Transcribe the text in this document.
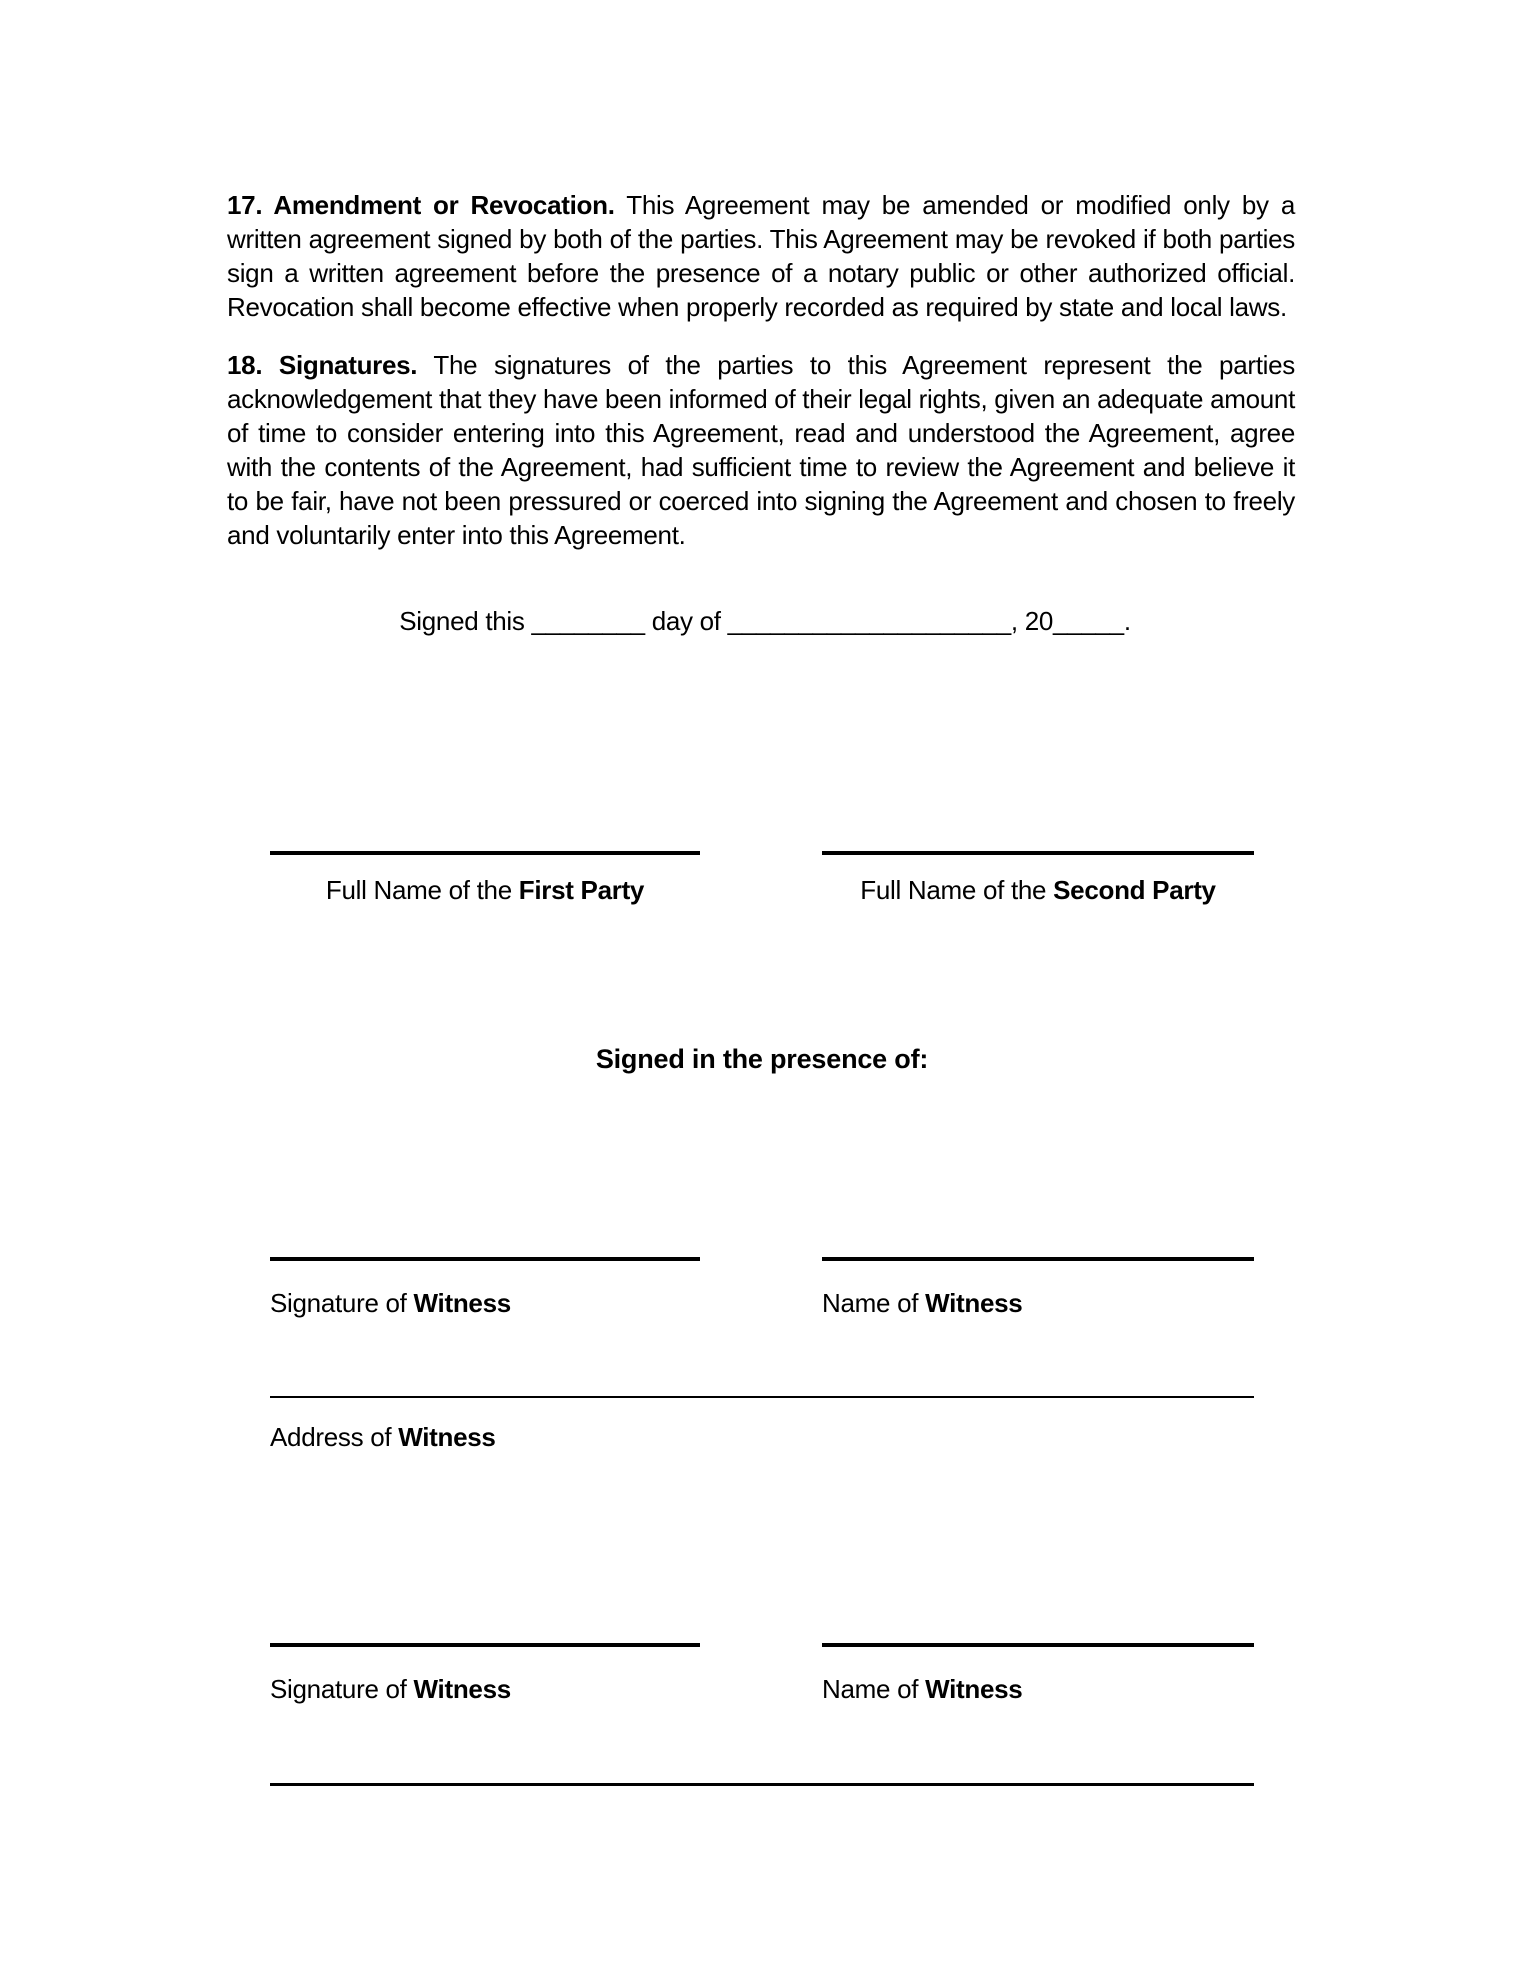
17. Amendment or Revocation. This Agreement may be amended or modified only by a written agreement signed by both of the parties. This Agreement may be revoked if both parties sign a written agreement before the presence of a notary public or other authorized official. Revocation shall become effective when properly recorded as required by state and local laws.

18. Signatures. The signatures of the parties to this Agreement represent the parties acknowledgement that they have been informed of their legal rights, given an adequate amount of time to consider entering into this Agreement, read and understood the Agreement, agree with the contents of the Agreement, had sufficient time to review the Agreement and believe it to be fair, have not been pressured or coerced into signing the Agreement and chosen to freely and voluntarily enter into this Agreement.

Signed this ________ day of ____________________, 20_____.
Full Name of the First Party	Full Name of the Second Party
Signed in the presence of:
Signature of Witness	Name of Witness
Address of Witness
Signature of Witness	Name of Witness
